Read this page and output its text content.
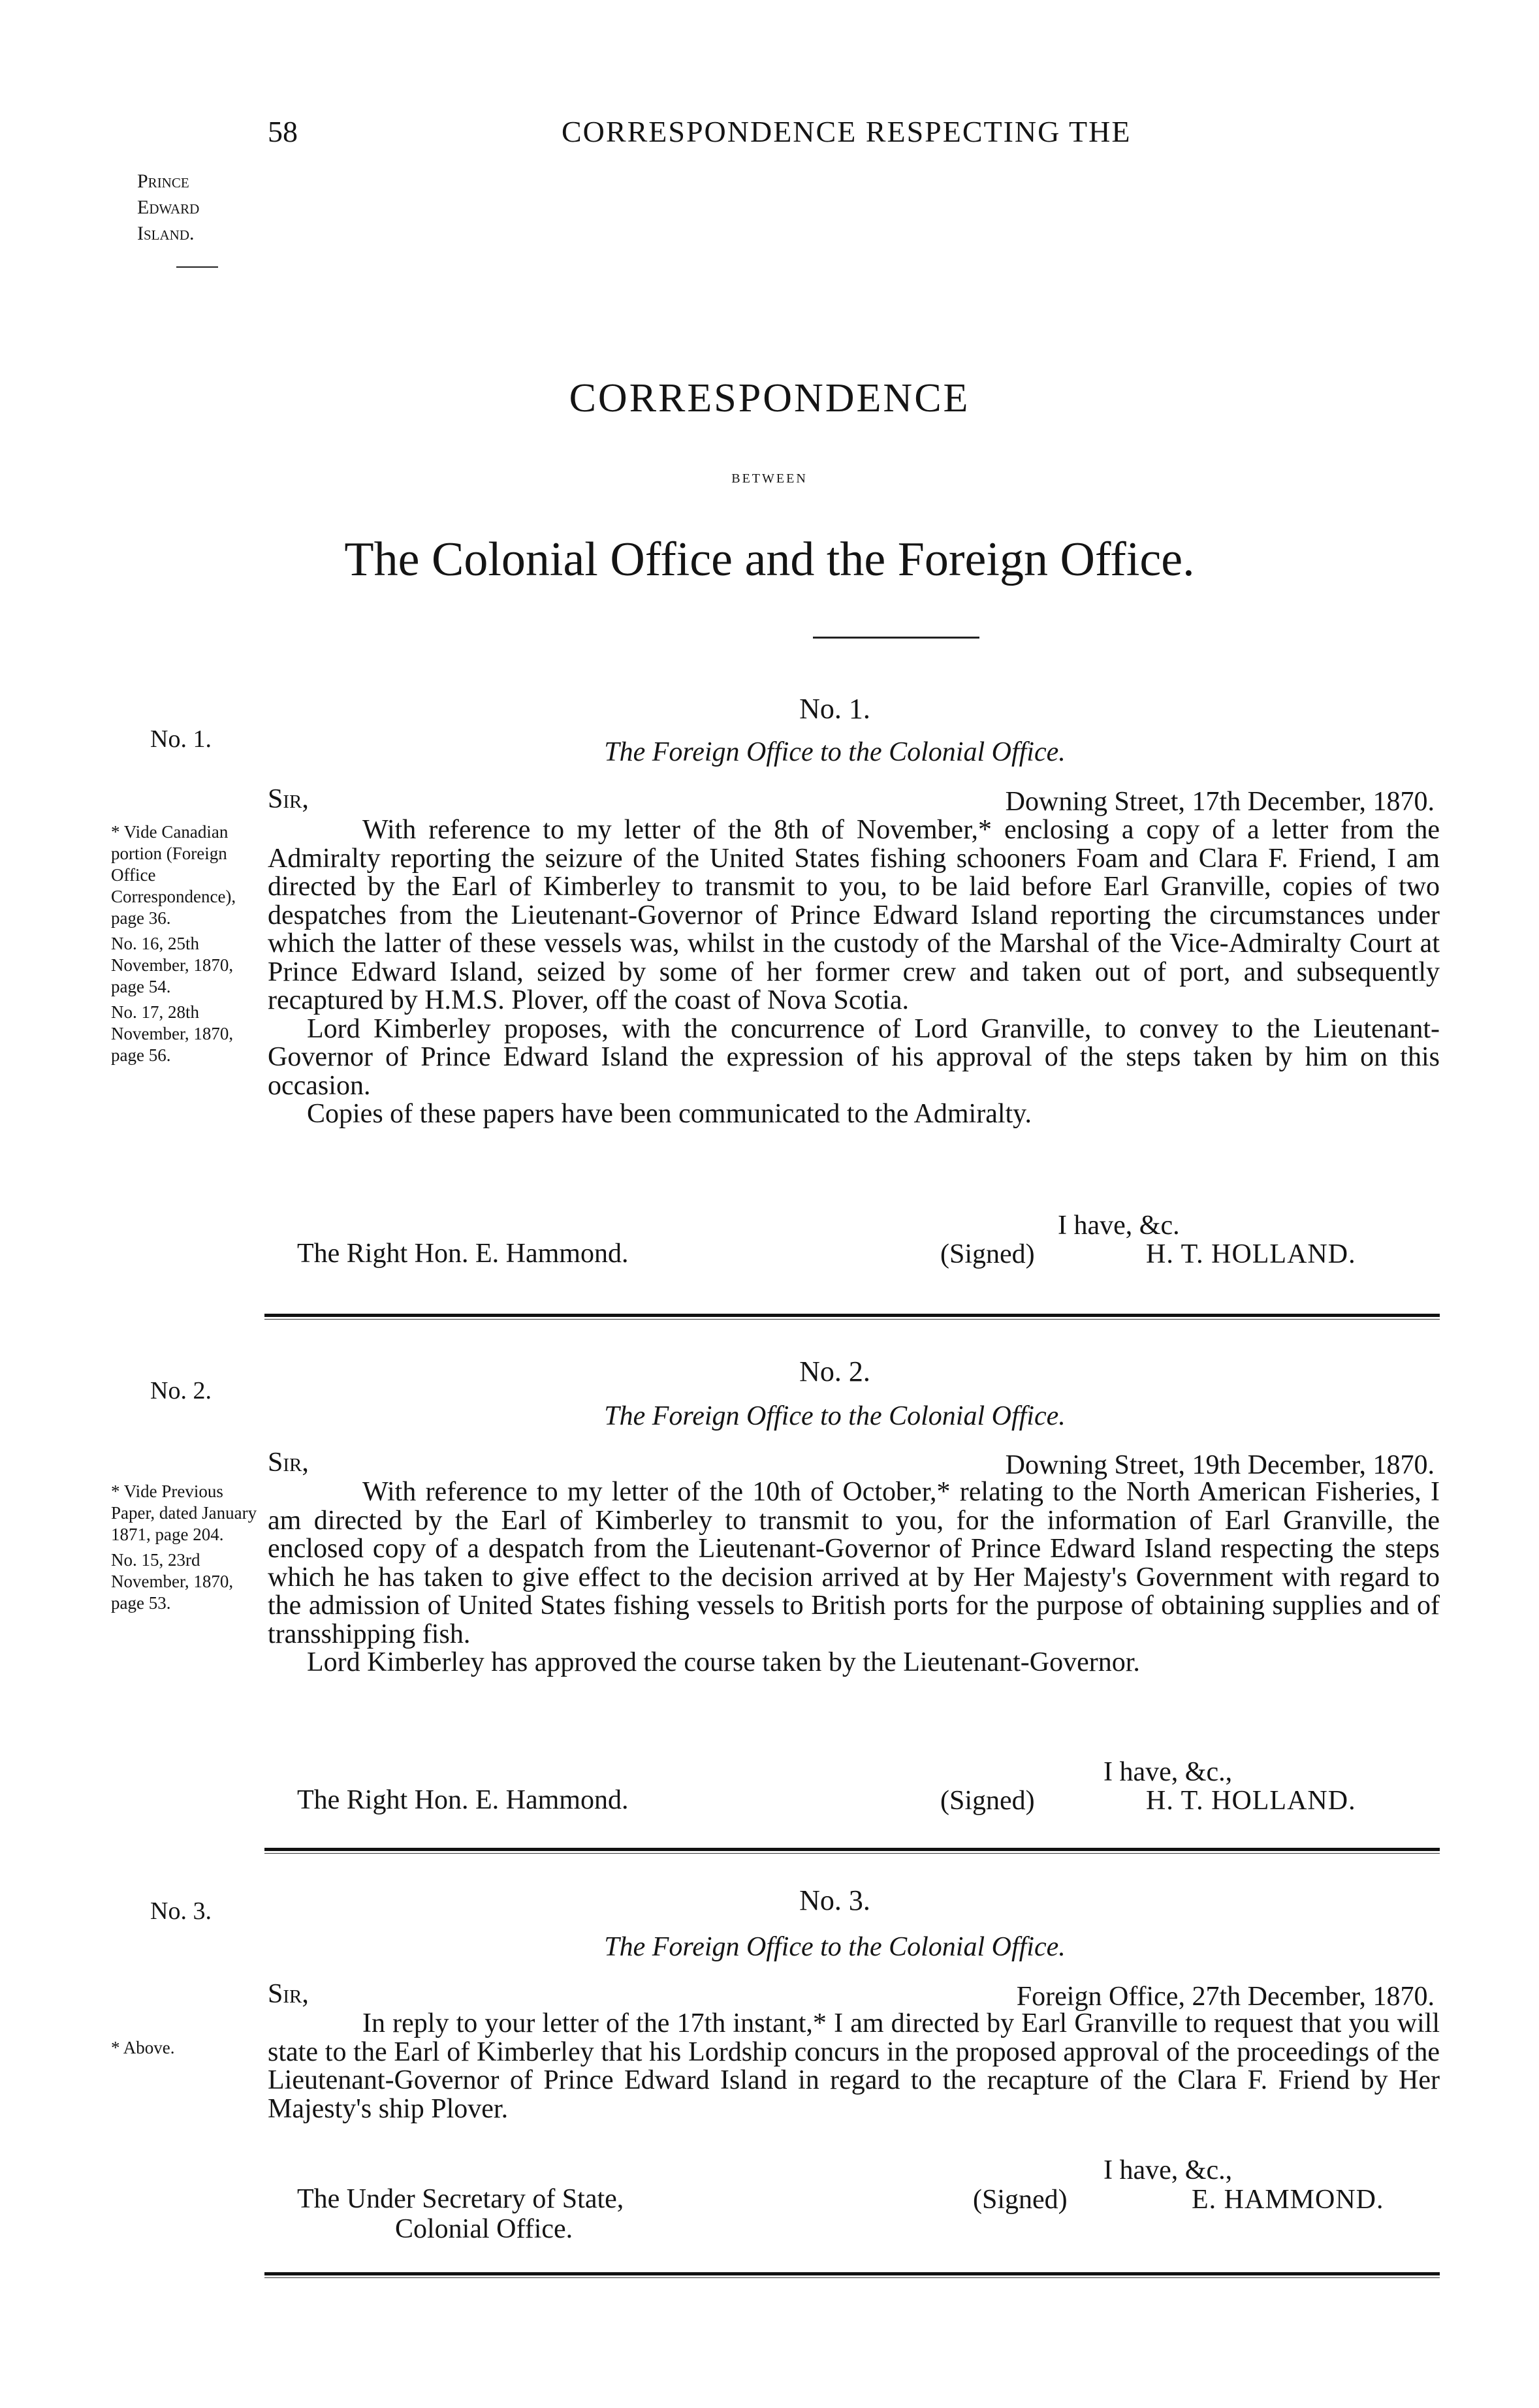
58	CORRESPONDENCE RESPECTING THE
Prince
Edward
Island.
CORRESPONDENCE
BETWEEN
The Colonial Office and the Foreign Office.
No. 1.
* Vide Canadian portion (Foreign Office Correspondence), page 36.
No. 16, 25th November, 1870, page 54.
No. 17, 28th November, 1870, page 56.
No. 1.
The Foreign Office to the Colonial Office.
Sir,	Downing Street, 17th December, 1870.

With reference to my letter of the 8th of November,* enclosing a copy of a letter from the Admiralty reporting the seizure of the United States fishing schooners Foam and Clara F. Friend, I am directed by the Earl of Kimberley to transmit to you, to be laid before Earl Granville, copies of two despatches from the Lieutenant-Governor of Prince Edward Island reporting the circumstances under which the latter of these vessels was, whilst in the custody of the Marshal of the Vice-Admiralty Court at Prince Edward Island, seized by some of her former crew and taken out of port, and subsequently recaptured by H.M.S. Plover, off the coast of Nova Scotia.

Lord Kimberley proposes, with the concurrence of Lord Granville, to convey to the Lieutenant-Governor of Prince Edward Island the expression of his approval of the steps taken by him on this occasion.

Copies of these papers have been communicated to the Admiralty.

I have, &c.
The Right Hon. E. Hammond.	(Signed)	H. T. HOLLAND.
No. 2.
* Vide Previous Paper, dated January 1871, page 204.
No. 15, 23rd November, 1870, page 53.
No. 2.
The Foreign Office to the Colonial Office.
Sir,	Downing Street, 19th December, 1870.

With reference to my letter of the 10th of October,* relating to the North American Fisheries, I am directed by the Earl of Kimberley to transmit to you, for the information of Earl Granville, the enclosed copy of a despatch from the Lieutenant-Governor of Prince Edward Island respecting the steps which he has taken to give effect to the decision arrived at by Her Majesty's Government with regard to the admission of United States fishing vessels to British ports for the purpose of obtaining supplies and of transshipping fish.

Lord Kimberley has approved the course taken by the Lieutenant-Governor.

I have, &c.,
The Right Hon. E. Hammond.	(Signed)	H. T. HOLLAND.
No. 3.
* Above.
No. 3.
The Foreign Office to the Colonial Office.
Sir,	Foreign Office, 27th December, 1870.

In reply to your letter of the 17th instant,* I am directed by Earl Granville to request that you will state to the Earl of Kimberley that his Lordship concurs in the proposed approval of the proceedings of the Lieutenant-Governor of Prince Edward Island in regard to the recapture of the Clara F. Friend by Her Majesty's ship Plover.

I have, &c.,
The Under Secretary of State,
Colonial Office.
(Signed)	E. HAMMOND.
